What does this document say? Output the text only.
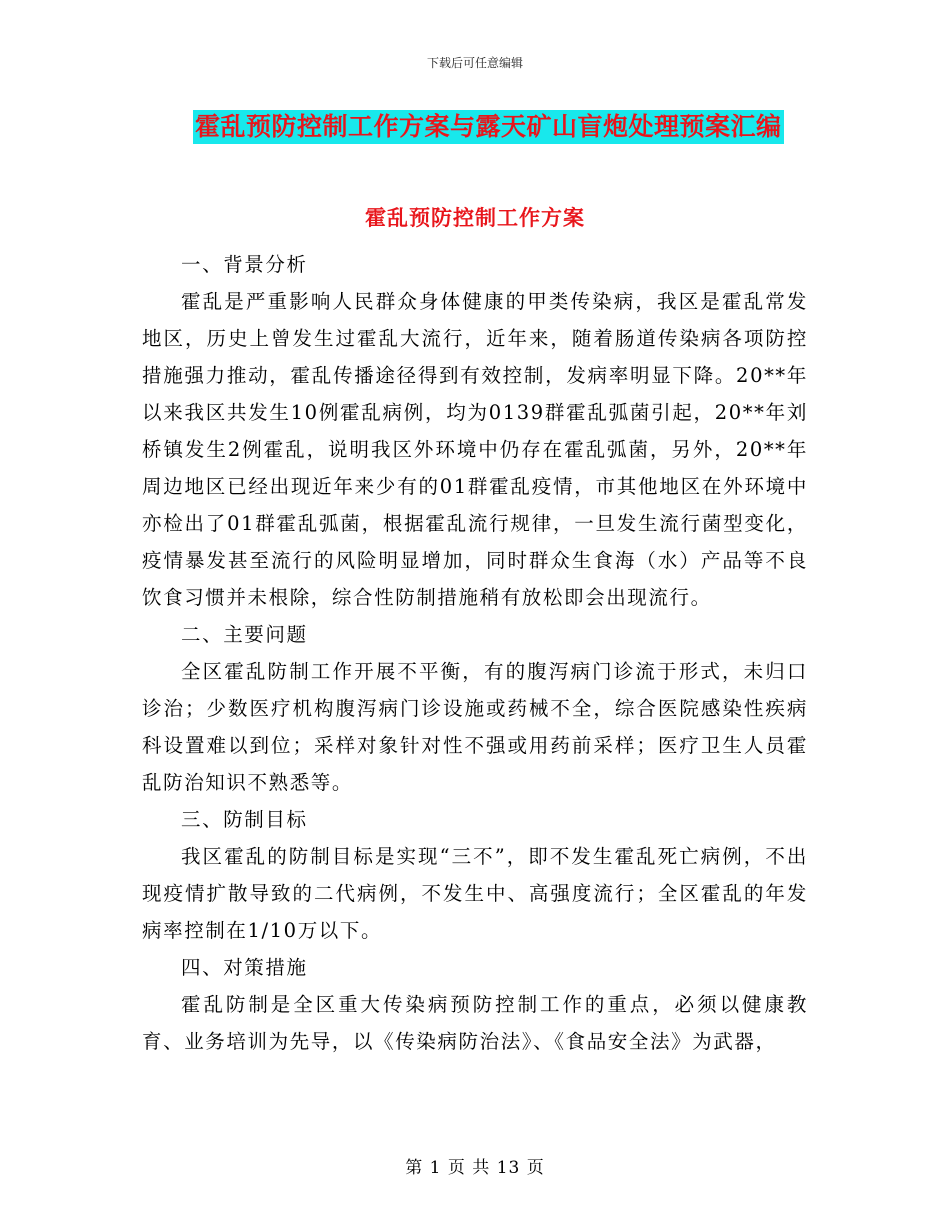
下载后可任意编辑
霍乱预防控制工作方案与露天矿山盲炮处理预案汇编
霍乱预防控制工作方案

一、背景分析

霍乱是严重影响人民群众身体健康的甲类传染病，我区是霍乱常发地区，历史上曾发生过霍乱大流行，近年来，随着肠道传染病各项防控措施强力推动，霍乱传播途径得到有效控制，发病率明显下降。20**年以来我区共发生10例霍乱病例，均为0139群霍乱弧菌引起，20**年刘桥镇发生2例霍乱，说明我区外环境中仍存在霍乱弧菌，另外，20**年周边地区已经出现近年来少有的01群霍乱疫情，市其他地区在外环境中亦检出了01群霍乱弧菌，根据霍乱流行规律，一旦发生流行菌型变化，疫情暴发甚至流行的风险明显增加，同时群众生食海（水）产品等不良饮食习惯并未根除，综合性防制措施稍有放松即会出现流行。

二、主要问题

全区霍乱防制工作开展不平衡，有的腹泻病门诊流于形式，未归口诊治；少数医疗机构腹泻病门诊设施或药械不全，综合医院感染性疾病科设置难以到位；采样对象针对性不强或用药前采样；医疗卫生人员霍乱防治知识不熟悉等。

三、防制目标

我区霍乱的防制目标是实现“三不”，即不发生霍乱死亡病例，不出现疫情扩散导致的二代病例，不发生中、高强度流行；全区霍乱的年发病率控制在1/10万以下。

四、对策措施

霍乱防制是全区重大传染病预防控制工作的重点，必须以健康教育、业务培训为先导，以《传染病防治法》、《食品安全法》为武器，

第 1 页 共 13 页
